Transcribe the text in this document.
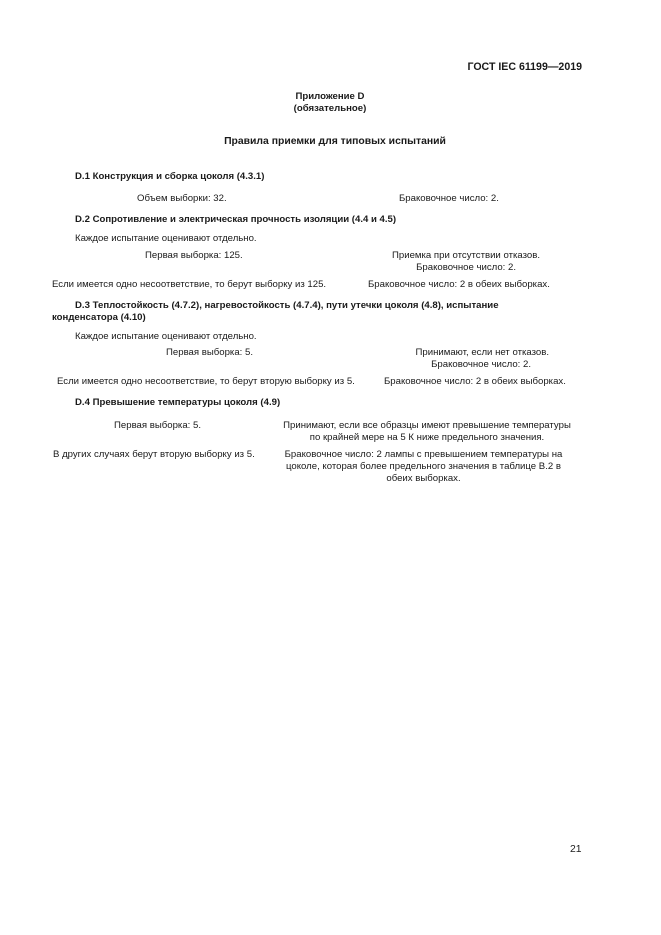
ГОСТ IEC 61199—2019
Приложение D
(обязательное)
Правила приемки для типовых испытаний
D.1 Конструкция и сборка цоколя (4.3.1)
Объем выборки: 32.	Браковочное число: 2.
D.2 Сопротивление и электрическая прочность изоляции (4.4 и 4.5)
Каждое испытание оценивают отдельно.
Первая выборка: 125.	Приемка при отсутствии отказов.
Браковочное число: 2.
Если имеется одно несоответствие, то берут выборку из 125.	Браковочное число: 2 в обеих выборках.
D.3 Теплостойкость (4.7.2), нагревостойкость (4.7.4), пути утечки цоколя (4.8), испытание
конденсатора (4.10)
Каждое испытание оценивают отдельно.
Первая выборка: 5.	Принимают, если нет отказов.
Браковочное число: 2.
Если имеется одно несоответствие, то берут вторую выборку из 5.	Браковочное число: 2 в обеих выборках.
D.4 Превышение температуры цоколя (4.9)
Первая выборка: 5.	Принимают, если все образцы имеют превышение температуры
по крайней мере на 5 К ниже предельного значения.
В других случаях берут вторую выборку из 5.	Браковочное число: 2 лампы с превышением температуры на
цоколе, которая более предельного значения в таблице В.2 в
обеих выборках.
21
